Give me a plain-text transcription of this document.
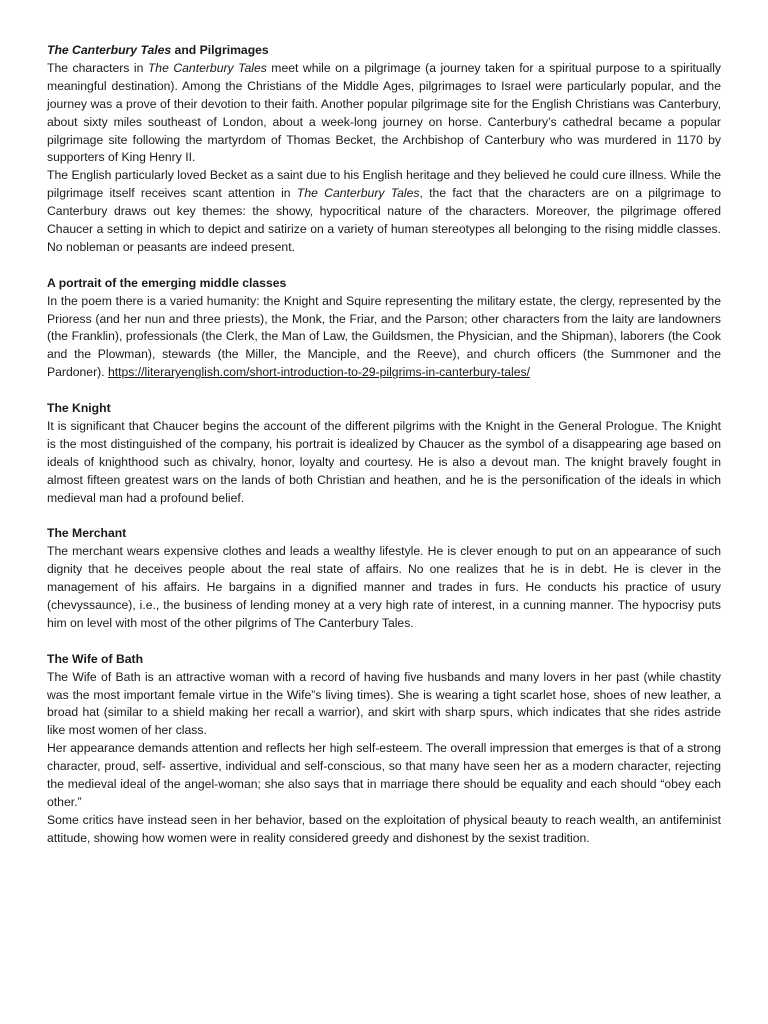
The Canterbury Tales and Pilgrimages

The characters in The Canterbury Tales meet while on a pilgrimage (a journey taken for a spiritual purpose to a spiritually meaningful destination). Among the Christians of the Middle Ages, pilgrimages to Israel were particularly popular, and the journey was a prove of their devotion to their faith. Another popular pilgrimage site for the English Christians was Canterbury, about sixty miles southeast of London, about a week-long journey on horse. Canterbury’s cathedral became a popular pilgrimage site following the martyrdom of Thomas Becket, the Archbishop of Canterbury who was murdered in 1170 by supporters of King Henry II.

The English particularly loved Becket as a saint due to his English heritage and they believed he could cure illness. While the pilgrimage itself receives scant attention in The Canterbury Tales, the fact that the characters are on a pilgrimage to Canterbury draws out key themes: the showy, hypocritical nature of the characters. Moreover, the pilgrimage offered Chaucer a setting in which to depict and satirize on a variety of human stereotypes all belonging to the rising middle classes. No nobleman or peasants are indeed present.

A portrait of the emerging middle classes

In the poem there is a varied humanity: the Knight and Squire representing the military estate, the clergy, represented by the Prioress (and her nun and three priests), the Monk, the Friar, and the Parson; other characters from the laity are landowners (the Franklin), professionals (the Clerk, the Man of Law, the Guildsmen, the Physician, and the Shipman), laborers (the Cook and the Plowman), stewards (the Miller, the Manciple, and the Reeve), and church officers (the Summoner and the Pardoner). https://literaryenglish.com/short-introduction-to-29-pilgrims-in-canterbury-tales/

The Knight

It is significant that Chaucer begins the account of the different pilgrims with the Knight in the General Prologue. The Knight is the most distinguished of the company, his portrait is idealized by Chaucer as the symbol of a disappearing age based on ideals of knighthood such as chivalry, honor, loyalty and courtesy. He is also a devout man. The knight bravely fought in almost fifteen greatest wars on the lands of both Christian and heathen, and he is the personification of the ideals in which medieval man had a profound belief.

The Merchant

The merchant wears expensive clothes and leads a wealthy lifestyle. He is clever enough to put on an appearance of such dignity that he deceives people about the real state of affairs. No one realizes that he is in debt. He is clever in the management of his affairs. He bargains in a dignified manner and trades in furs. He conducts his practice of usury (chevyssaunce), i.e., the business of lending money at a very high rate of interest, in a cunning manner. The hypocrisy puts him on level with most of the other pilgrims of The Canterbury Tales.

The Wife of Bath

The Wife of Bath is an attractive woman with a record of having five husbands and many lovers in her past (while chastity was the most important female virtue in the Wife”s living times). She is wearing a tight scarlet hose, shoes of new leather, a broad hat (similar to a shield making her recall a warrior), and skirt with sharp spurs, which indicates that she rides astride like most women of her class.

Her appearance demands attention and reflects her high self-esteem. The overall impression that emerges is that of a strong character, proud, self- assertive, individual and self-conscious, so that many have seen her as a modern character, rejecting the medieval ideal of the angel-woman; she also says that in marriage there should be equality and each should “obey each other.”

Some critics have instead seen in her behavior, based on the exploitation of physical beauty to reach wealth, an antifeminist attitude, showing how women were in reality considered greedy and dishonest by the sexist tradition.
